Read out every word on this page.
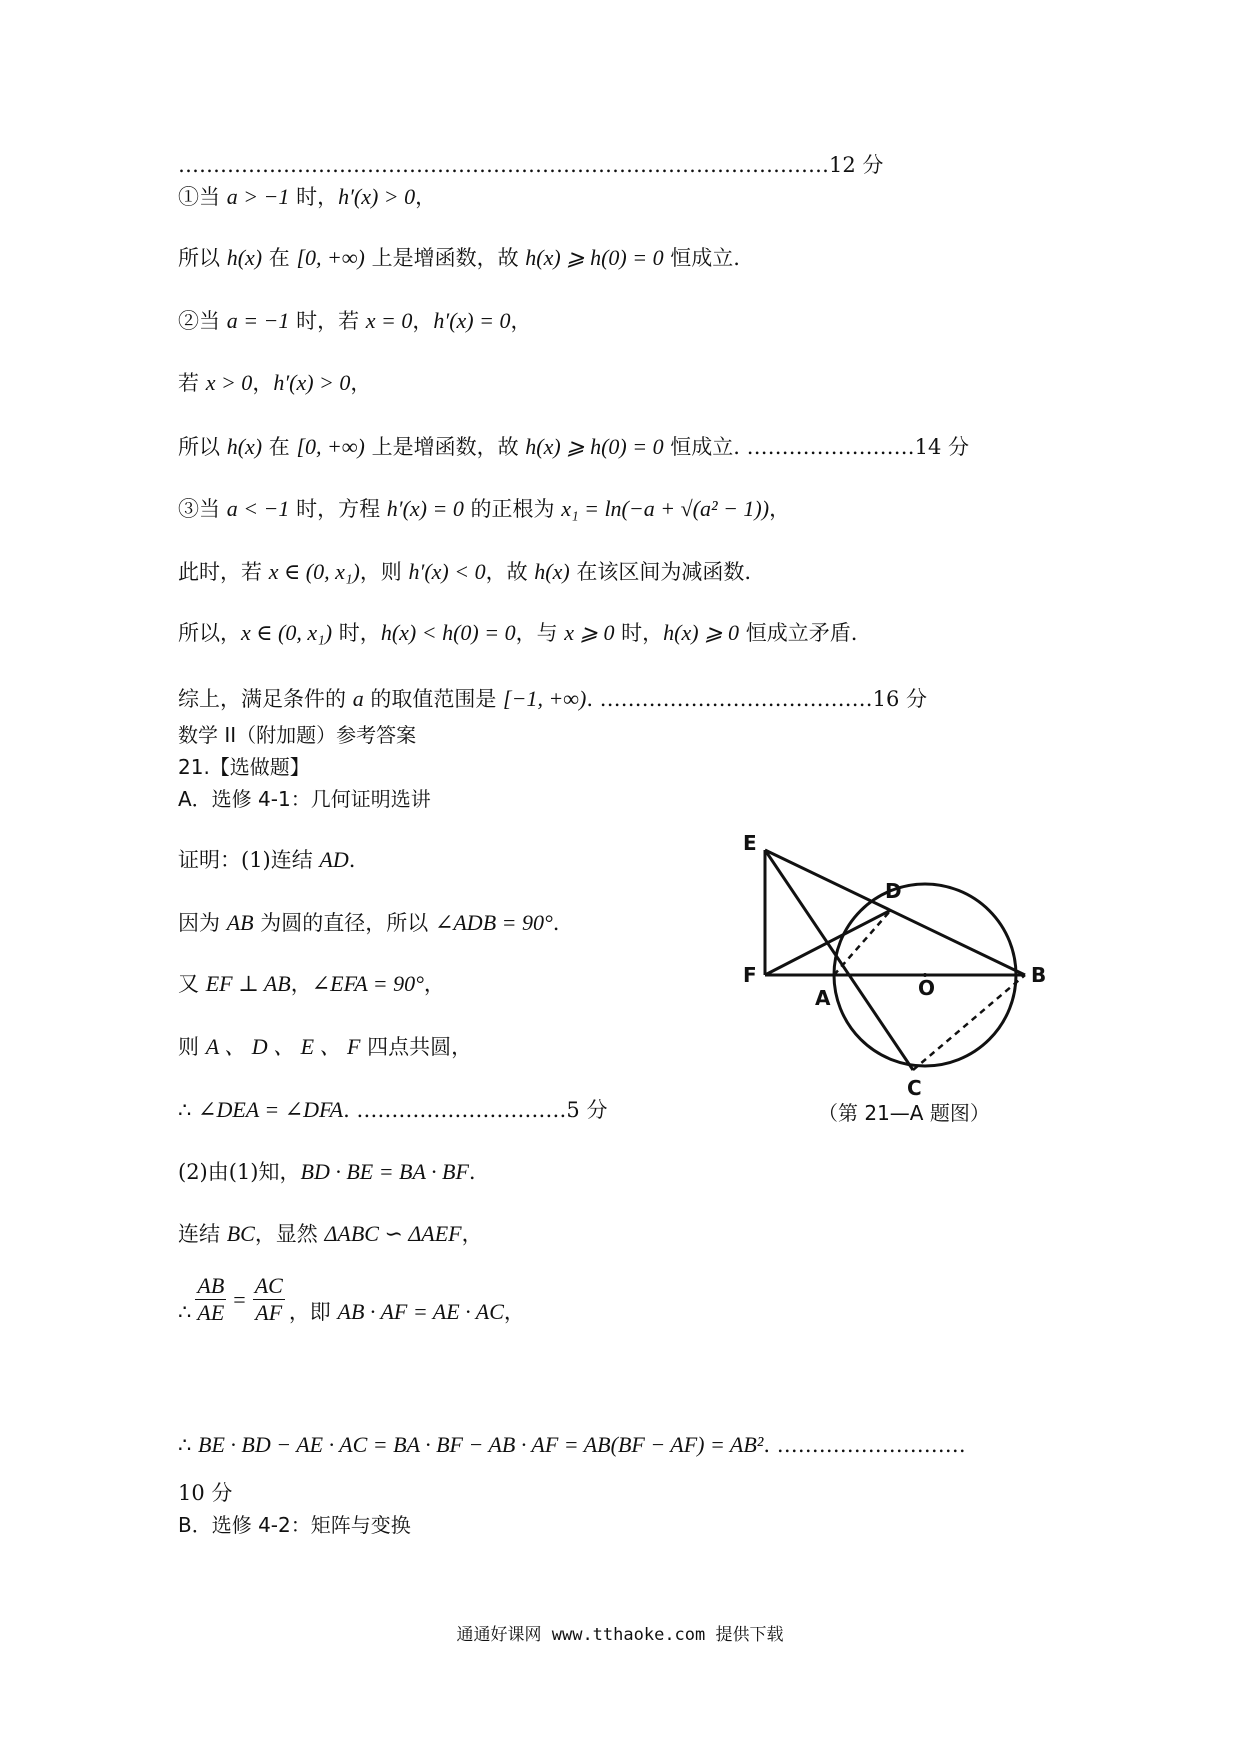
…………………………………………………………………………………12 分
①当 a > −1 时，h′(x) > 0，
所以 h(x) 在 [0, +∞) 上是增函数，故 h(x) ⩾ h(0) = 0 恒成立.
②当 a = −1 时，若 x = 0，h′(x) = 0，
若 x > 0，h′(x) > 0，
所以 h(x) 在 [0, +∞) 上是增函数，故 h(x) ⩾ h(0) = 0 恒成立. ……………………14 分
③当 a < −1 时，方程 h′(x) = 0 的正根为 x₁ = ln(−a + √(a² − 1))，
此时，若 x ∈ (0, x₁)，则 h′(x) < 0，故 h(x) 在该区间为减函数.
所以，x ∈ (0, x₁) 时，h(x) < h(0) = 0，与 x ⩾ 0 时，h(x) ⩾ 0 恒成立矛盾.
综上，满足条件的 a 的取值范围是 [−1, +∞). …………………………………16 分
数学 II（附加题）参考答案
21.【选做题】
A．选修 4-1：几何证明选讲
证明：(1)连结 AD.
因为 AB 为圆的直径，所以 ∠ADB = 90°.
又 EF ⊥ AB，∠EFA = 90°，
则 A 、 D 、 E 、 F 四点共圆，
∴ ∠DEA = ∠DFA. …………………………5 分
(2)由(1)知，BD · BE = BA · BF.
连结 BC，显然 ΔABC ∽ ΔAEF，
∴ $\frac{AB}{AE} = \frac{AC}{AF}$ ，即 AB · AF = AE · AC，
∴ BE · BD − AE · AC = BA · BF − AB · AF = AB(BF − AF) = AB². ………………………
10 分
B．选修 4-2：矩阵与变换
E
D
F
A	O
B
C
（第 21—A 题图）
通通好课网 www.tthaoke.com 提供下载
